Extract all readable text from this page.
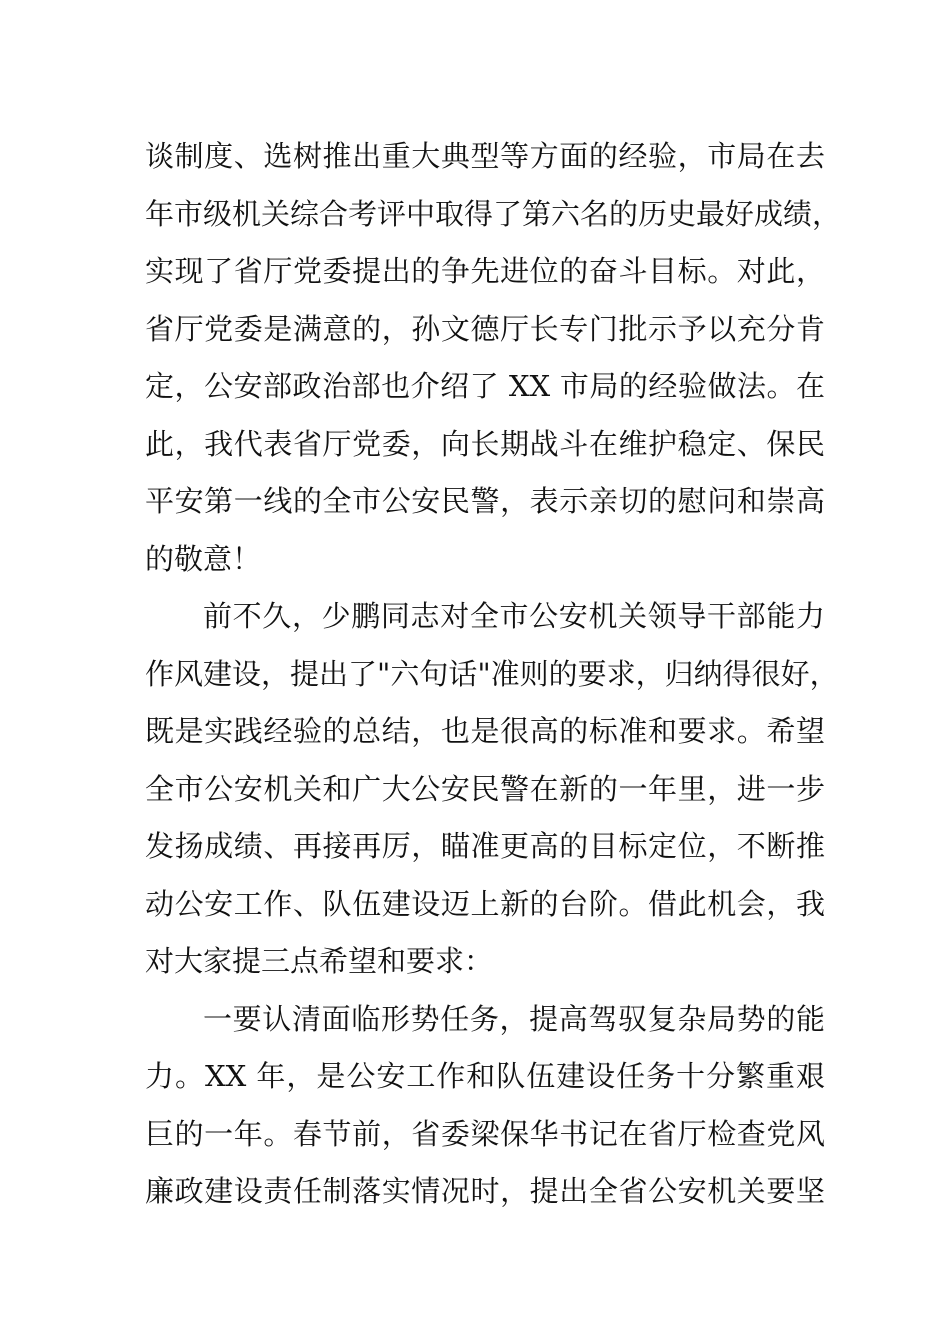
谈制度、选树推出重大典型等方面的经验，市局在去
年市级机关综合考评中取得了第六名的历史最好成绩，
实现了省厅党委提出的争先进位的奋斗目标。对此，
省厅党委是满意的，孙文德厅长专门批示予以充分肯
定，公安部政治部也介绍了 XX 市局的经验做法。在
此，我代表省厅党委，向长期战斗在维护稳定、保民
平安第一线的全市公安民警，表示亲切的慰问和崇高
的敬意！
前不久，少鹏同志对全市公安机关领导干部能力
作风建设，提出了"六句话"准则的要求，归纳得很好，
既是实践经验的总结，也是很高的标准和要求。希望
全市公安机关和广大公安民警在新的一年里，进一步
发扬成绩、再接再厉，瞄准更高的目标定位，不断推
动公安工作、队伍建设迈上新的台阶。借此机会，我
对大家提三点希望和要求：
一要认清面临形势任务，提高驾驭复杂局势的能
力。XX 年，是公安工作和队伍建设任务十分繁重艰
巨的一年。春节前，省委梁保华书记在省厅检查党风
廉政建设责任制落实情况时，提出全省公安机关要坚
